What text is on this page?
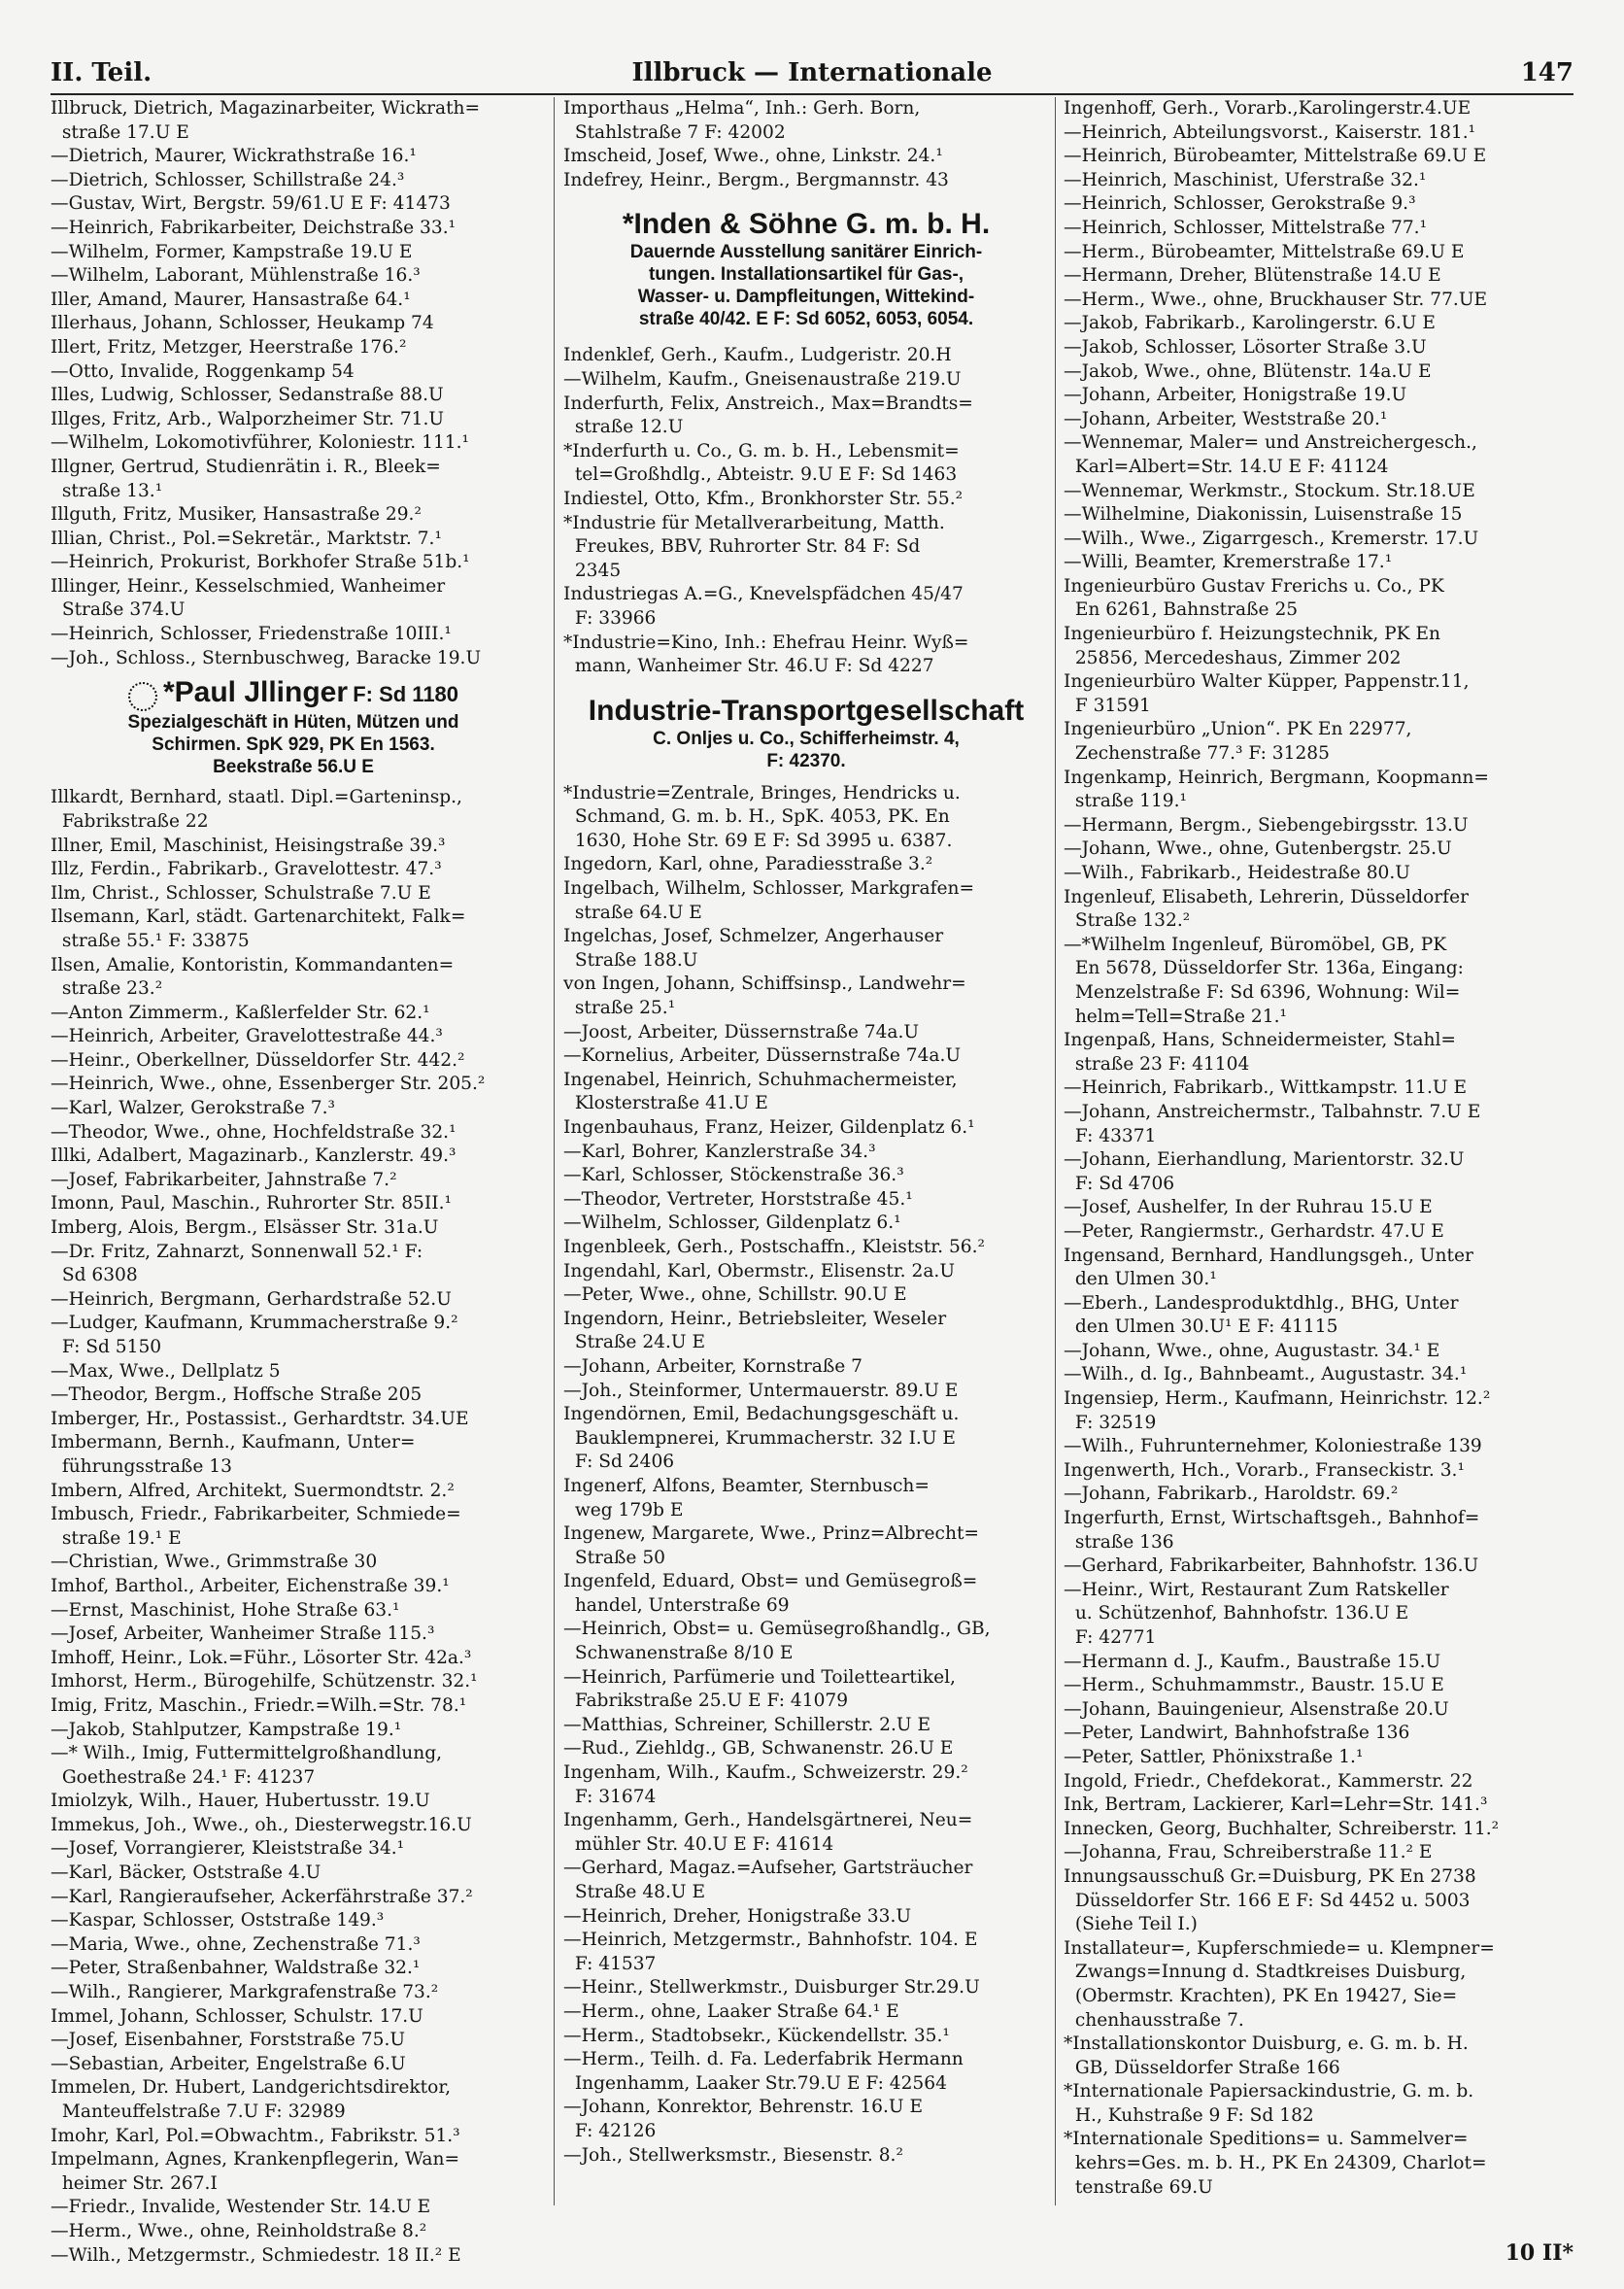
II. Teil.	Illbruck — Internationale	147
Illbruck, Dietrich, Magazinarbeiter, Wickrath=
straße 17.U E
—Dietrich, Maurer, Wickrathstraße 16.¹
—Dietrich, Schlosser, Schillstraße 24.³
—Gustav, Wirt, Bergstr. 59/61.U E F: 41473
—Heinrich, Fabrikarbeiter, Deichstraße 33.¹
—Wilhelm, Former, Kampstraße 19.U E
—Wilhelm, Laborant, Mühlenstraße 16.³
Iller, Amand, Maurer, Hansastraße 64.¹
Illerhaus, Johann, Schlosser, Heukamp 74
Illert, Fritz, Metzger, Heerstraße 176.²
—Otto, Invalide, Roggenkamp 54
Illes, Ludwig, Schlosser, Sedanstraße 88.U
Illges, Fritz, Arb., Walporzheimer Str. 71.U
—Wilhelm, Lokomotivführer, Koloniestr. 111.¹
Illgner, Gertrud, Studienrätin i. R., Bleek=
straße 13.¹
Illguth, Fritz, Musiker, Hansastraße 29.²
Illian, Christ., Pol.=Sekretär., Marktstr. 7.¹
—Heinrich, Prokurist, Borkhofer Straße 51b.¹
Illinger, Heinr., Kesselschmied, Wanheimer
Straße 374.U
—Heinrich, Schlosser, Friedenstraße 10III.¹
—Joh., Schloss., Sternbuschweg, Baracke 19.U
*Paul Jllinger F: Sd 1180
Spezialgeschäft in Hüten, Mützen und
Schirmen. SpK 929, PK En 1563.
Beekstraße 56.U E
Illkardt, Bernhard, staatl. Dipl.=Garteninsp.,
Fabrikstraße 22
Illner, Emil, Maschinist, Heisingstraße 39.³
Illz, Ferdin., Fabrikarb., Gravelottestr. 47.³
Ilm, Christ., Schlosser, Schulstraße 7.U E
Ilsemann, Karl, städt. Gartenarchitekt, Falk=
straße 55.¹ F: 33875
Ilsen, Amalie, Kontoristin, Kommandanten=
straße 23.²
—Anton Zimmerm., Kaßlerfelder Str. 62.¹
—Heinrich, Arbeiter, Gravelottestraße 44.³
—Heinr., Oberkellner, Düsseldorfer Str. 442.²
—Heinrich, Wwe., ohne, Essenberger Str. 205.²
—Karl, Walzer, Gerokstraße 7.³
—Theodor, Wwe., ohne, Hochfeldstraße 32.¹
Illki, Adalbert, Magazinarb., Kanzlerstr. 49.³
—Josef, Fabrikarbeiter, Jahnstraße 7.²
Imonn, Paul, Maschin., Ruhrorter Str. 85II.¹
Imberg, Alois, Bergm., Elsässer Str. 31a.U
—Dr. Fritz, Zahnarzt, Sonnenwall 52.¹ F:
Sd 6308
—Heinrich, Bergmann, Gerhardstraße 52.U
—Ludger, Kaufmann, Krummacherstraße 9.²
F: Sd 5150
—Max, Wwe., Dellplatz 5
—Theodor, Bergm., Hoffsche Straße 205
Imberger, Hr., Postassist., Gerhardtstr. 34.UE
Imbermann, Bernh., Kaufmann, Unter=
führungsstraße 13
Imbern, Alfred, Architekt, Suermondtstr. 2.²
Imbusch, Friedr., Fabrikarbeiter, Schmiede=
straße 19.¹ E
—Christian, Wwe., Grimmstraße 30
Imhof, Barthol., Arbeiter, Eichenstraße 39.¹
—Ernst, Maschinist, Hohe Straße 63.¹
—Josef, Arbeiter, Wanheimer Straße 115.³
Imhoff, Heinr., Lok.=Führ., Lösorter Str. 42a.³
Imhorst, Herm., Bürogehilfe, Schützenstr. 32.¹
Imig, Fritz, Maschin., Friedr.=Wilh.=Str. 78.¹
—Jakob, Stahlputzer, Kampstraße 19.¹
—* Wilh., Imig, Futtermittelgroßhandlung,
Goethestraße 24.¹ F: 41237
Imiolzyk, Wilh., Hauer, Hubertusstr. 19.U
Immekus, Joh., Wwe., oh., Diesterwegstr.16.U
—Josef, Vorrangierer, Kleiststraße 34.¹
—Karl, Bäcker, Oststraße 4.U
—Karl, Rangieraufseher, Ackerfährstraße 37.²
—Kaspar, Schlosser, Oststraße 149.³
—Maria, Wwe., ohne, Zechenstraße 71.³
—Peter, Straßenbahner, Waldstraße 32.¹
—Wilh., Rangierer, Markgrafenstraße 73.²
Immel, Johann, Schlosser, Schulstr. 17.U
—Josef, Eisenbahner, Forststraße 75.U
—Sebastian, Arbeiter, Engelstraße 6.U
Immelen, Dr. Hubert, Landgerichtsdirektor,
Manteuffelstraße 7.U F: 32989
Imohr, Karl, Pol.=Obwachtm., Fabrikstr. 51.³
Impelmann, Agnes, Krankenpflegerin, Wan=
heimer Str. 267.I
—Friedr., Invalide, Westender Str. 14.U E
—Herm., Wwe., ohne, Reinholdstraße 8.²
—Wilh., Metzgermstr., Schmiedestr. 18 II.² E
Importhaus „Helma“, Inh.: Gerh. Born,
Stahlstraße 7 F: 42002
Imscheid, Josef, Wwe., ohne, Linkstr. 24.¹
Indefrey, Heinr., Bergm., Bergmannstr. 43
*Inden & Söhne G. m. b. H.
Dauernde Ausstellung sanitärer Einrich-
tungen. Installationsartikel für Gas-,
Wasser- u. Dampfleitungen, Wittekind-
straße 40/42. E F: Sd 6052, 6053, 6054.
Indenklef, Gerh., Kaufm., Ludgeristr. 20.H
—Wilhelm, Kaufm., Gneisenaustraße 219.U
Inderfurth, Felix, Anstreich., Max=Brandts=
straße 12.U
*Inderfurth u. Co., G. m. b. H., Lebensmit=
tel=Großhdlg., Abteistr. 9.U E F: Sd 1463
Indiestel, Otto, Kfm., Bronkhorster Str. 55.²
*Industrie für Metallverarbeitung, Matth.
Freukes, BBV, Ruhrorter Str. 84 F: Sd
2345
Industriegas A.=G., Knevelspfädchen 45/47
F: 33966
*Industrie=Kino, Inh.: Ehefrau Heinr. Wyß=
mann, Wanheimer Str. 46.U F: Sd 4227
Industrie-Transportgesellschaft
C. Onljes u. Co., Schifferheimstr. 4,
F: 42370.
*Industrie=Zentrale, Bringes, Hendricks u.
Schmand, G. m. b. H., SpK. 4053, PK. En
1630, Hohe Str. 69 E F: Sd 3995 u. 6387.
Ingedorn, Karl, ohne, Paradiesstraße 3.²
Ingelbach, Wilhelm, Schlosser, Markgrafen=
straße 64.U E
Ingelchas, Josef, Schmelzer, Angerhauser
Straße 188.U
von Ingen, Johann, Schiffsinsp., Landwehr=
straße 25.¹
—Joost, Arbeiter, Düssernstraße 74a.U
—Kornelius, Arbeiter, Düssernstraße 74a.U
Ingenabel, Heinrich, Schuhmachermeister,
Klosterstraße 41.U E
Ingenbauhaus, Franz, Heizer, Gildenplatz 6.¹
—Karl, Bohrer, Kanzlerstraße 34.³
—Karl, Schlosser, Stöckenstraße 36.³
—Theodor, Vertreter, Horststraße 45.¹
—Wilhelm, Schlosser, Gildenplatz 6.¹
Ingenbleek, Gerh., Postschaffn., Kleiststr. 56.²
Ingendahl, Karl, Obermstr., Elisenstr. 2a.U
—Peter, Wwe., ohne, Schillstr. 90.U E
Ingendorn, Heinr., Betriebsleiter, Weseler
Straße 24.U E
—Johann, Arbeiter, Kornstraße 7
—Joh., Steinformer, Untermauerstr. 89.U E
Ingendörnen, Emil, Bedachungsgeschäft u.
Bauklempnerei, Krummacherstr. 32 I.U E
F: Sd 2406
Ingenerf, Alfons, Beamter, Sternbusch=
weg 179b E
Ingenew, Margarete, Wwe., Prinz=Albrecht=
Straße 50
Ingenfeld, Eduard, Obst= und Gemüsegroß=
handel, Unterstraße 69
—Heinrich, Obst= u. Gemüsegroßhandlg., GB,
Schwanenstraße 8/10 E
—Heinrich, Parfümerie und Toiletteartikel,
Fabrikstraße 25.U E F: 41079
—Matthias, Schreiner, Schillerstr. 2.U E
—Rud., Ziehldg., GB, Schwanenstr. 26.U E
Ingenham, Wilh., Kaufm., Schweizerstr. 29.²
F: 31674
Ingenhamm, Gerh., Handelsgärtnerei, Neu=
mühler Str. 40.U E F: 41614
—Gerhard, Magaz.=Aufseher, Gartsträucher
Straße 48.U E
—Heinrich, Dreher, Honigstraße 33.U
—Heinrich, Metzgermstr., Bahnhofstr. 104. E
F: 41537
—Heinr., Stellwerkmstr., Duisburger Str.29.U
—Herm., ohne, Laaker Straße 64.¹ E
—Herm., Stadtobsekr., Kückendellstr. 35.¹
—Herm., Teilh. d. Fa. Lederfabrik Hermann
Ingenhamm, Laaker Str.79.U E F: 42564
—Johann, Konrektor, Behrenstr. 16.U E
F: 42126
—Joh., Stellwerksmstr., Biesenstr. 8.²
Ingenhoff, Gerh., Vorarb.,Karolingerstr.4.UE
—Heinrich, Abteilungsvorst., Kaiserstr. 181.¹
—Heinrich, Bürobeamter, Mittelstraße 69.U E
—Heinrich, Maschinist, Uferstraße 32.¹
—Heinrich, Schlosser, Gerokstraße 9.³
—Heinrich, Schlosser, Mittelstraße 77.¹
—Herm., Bürobeamter, Mittelstraße 69.U E
—Hermann, Dreher, Blütenstraße 14.U E
—Herm., Wwe., ohne, Bruckhauser Str. 77.UE
—Jakob, Fabrikarb., Karolingerstr. 6.U E
—Jakob, Schlosser, Lösorter Straße 3.U
—Jakob, Wwe., ohne, Blütenstr. 14a.U E
—Johann, Arbeiter, Honigstraße 19.U
—Johann, Arbeiter, Weststraße 20.¹
—Wennemar, Maler= und Anstreichergesch.,
Karl=Albert=Str. 14.U E F: 41124
—Wennemar, Werkmstr., Stockum. Str.18.UE
—Wilhelmine, Diakonissin, Luisenstraße 15
—Wilh., Wwe., Zigarrgesch., Kremerstr. 17.U
—Willi, Beamter, Kremerstraße 17.¹
Ingenieurbüro Gustav Frerichs u. Co., PK
En 6261, Bahnstraße 25
Ingenieurbüro f. Heizungstechnik, PK En
25856, Mercedeshaus, Zimmer 202
Ingenieurbüro Walter Küpper, Pappenstr.11,
F 31591
Ingenieurbüro „Union“. PK En 22977,
Zechenstraße 77.³ F: 31285
Ingenkamp, Heinrich, Bergmann, Koopmann=
straße 119.¹
—Hermann, Bergm., Siebengebirgsstr. 13.U
—Johann, Wwe., ohne, Gutenbergstr. 25.U
—Wilh., Fabrikarb., Heidestraße 80.U
Ingenleuf, Elisabeth, Lehrerin, Düsseldorfer
Straße 132.²
—*Wilhelm Ingenleuf, Büromöbel, GB, PK
En 5678, Düsseldorfer Str. 136a, Eingang:
Menzelstraße F: Sd 6396, Wohnung: Wil=
helm=Tell=Straße 21.¹
Ingenpaß, Hans, Schneidermeister, Stahl=
straße 23 F: 41104
—Heinrich, Fabrikarb., Wittkampstr. 11.U E
—Johann, Anstreichermstr., Talbahnstr. 7.U E
F: 43371
—Johann, Eierhandlung, Marientorstr. 32.U
F: Sd 4706
—Josef, Aushelfer, In der Ruhrau 15.U E
—Peter, Rangiermstr., Gerhardstr. 47.U E
Ingensand, Bernhard, Handlungsgeh., Unter
den Ulmen 30.¹
—Eberh., Landesproduktdhlg., BHG, Unter
den Ulmen 30.U¹ E F: 41115
—Johann, Wwe., ohne, Augustastr. 34.¹ E
—Wilh., d. Ig., Bahnbeamt., Augustastr. 34.¹
Ingensiep, Herm., Kaufmann, Heinrichstr. 12.²
F: 32519
—Wilh., Fuhrunternehmer, Koloniestraße 139
Ingenwerth, Hch., Vorarb., Franseckistr. 3.¹
—Johann, Fabrikarb., Haroldstr. 69.²
Ingerfurth, Ernst, Wirtschaftsgeh., Bahnhof=
straße 136
—Gerhard, Fabrikarbeiter, Bahnhofstr. 136.U
—Heinr., Wirt, Restaurant Zum Ratskeller
u. Schützenhof, Bahnhofstr. 136.U E
F: 42771
—Hermann d. J., Kaufm., Baustraße 15.U
—Herm., Schuhmammstr., Baustr. 15.U E
—Johann, Bauingenieur, Alsenstraße 20.U
—Peter, Landwirt, Bahnhofstraße 136
—Peter, Sattler, Phönixstraße 1.¹
Ingold, Friedr., Chefdekorat., Kammerstr. 22
Ink, Bertram, Lackierer, Karl=Lehr=Str. 141.³
Innecken, Georg, Buchhalter, Schreiberstr. 11.²
—Johanna, Frau, Schreiberstraße 11.² E
Innungsausschuß Gr.=Duisburg, PK En 2738
Düsseldorfer Str. 166 E F: Sd 4452 u. 5003
(Siehe Teil I.)
Installateur=, Kupferschmiede= u. Klempner=
Zwangs=Innung d. Stadtkreises Duisburg,
(Obermstr. Krachten), PK En 19427, Sie=
chenhausstraße 7.
*Installationskontor Duisburg, e. G. m. b. H.
GB, Düsseldorfer Straße 166
*Internationale Papiersackindustrie, G. m. b.
H., Kuhstraße 9 F: Sd 182
*Internationale Speditions= u. Sammelver=
kehrs=Ges. m. b. H., PK En 24309, Charlot=
tenstraße 69.U
10 II*
